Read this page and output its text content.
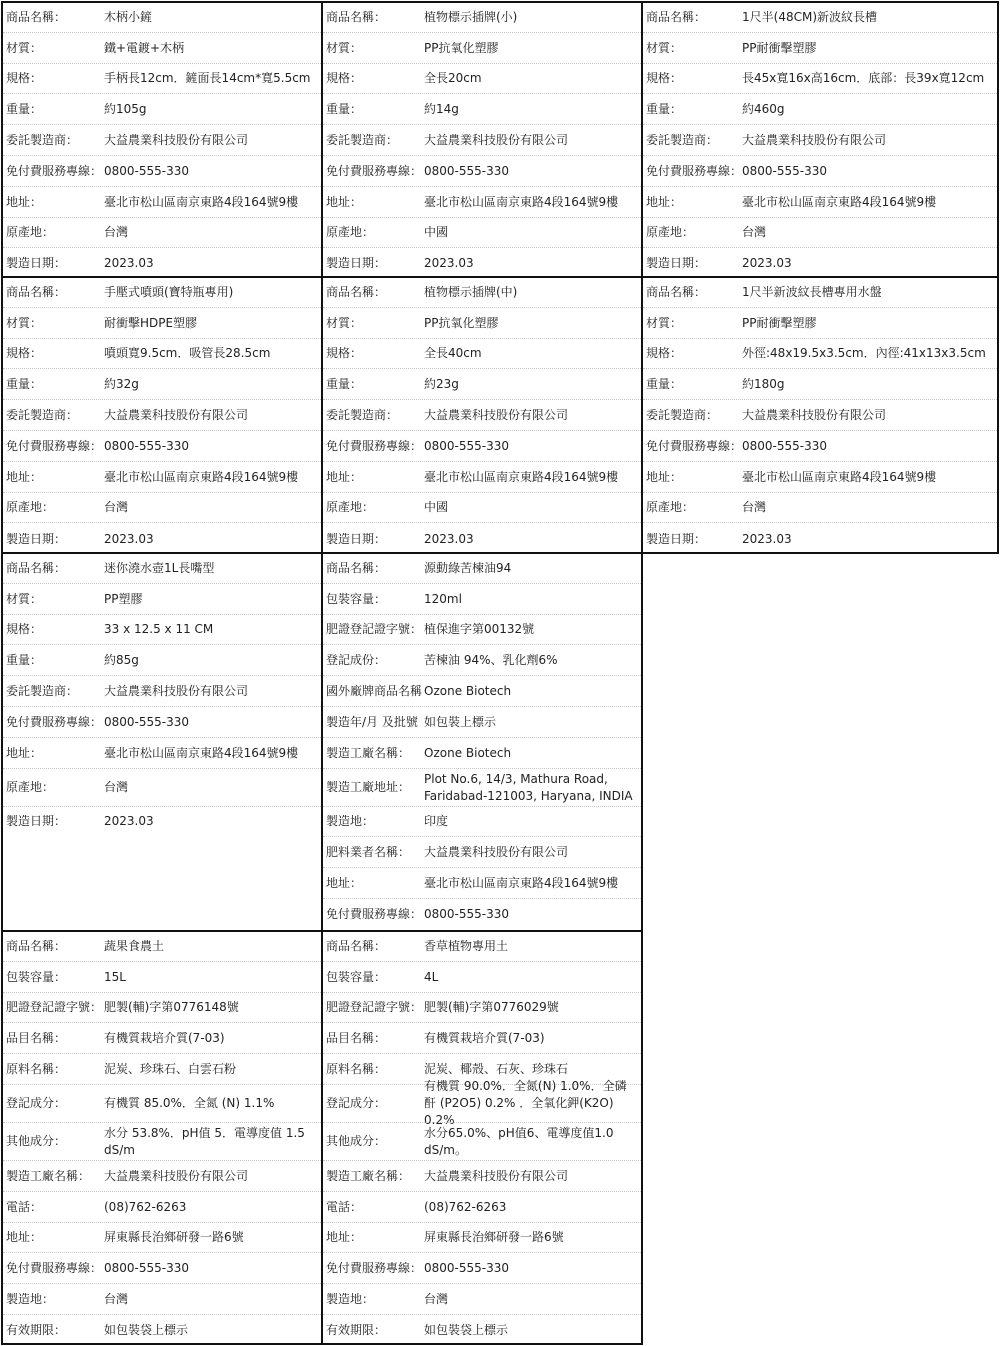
商品名稱：	木柄小鏟
材質：	鐵+電鍍+木柄
規格：	手柄長12cm．鏟面長14cm*寬5.5cm
重量：	約105g
委託製造商：	大益農業科技股份有限公司
免付費服務專線： 0800-555-330
地址：	臺北市松山區南京東路4段164號9樓
原產地：	台灣
製造日期：	2023.03
商品名稱：	植物標示插牌(小)
材質：	PP抗氧化塑膠
規格：	全長20cm
重量：	約14g
委託製造商：	大益農業科技股份有限公司
免付費服務專線： 0800-555-330
地址：	臺北市松山區南京東路4段164號9樓
原產地：	中國
製造日期：	2023.03
商品名稱：	1尺半(48CM)新波紋長槽
材質：	PP耐衝擊塑膠
規格：	長45x寬16x高16cm．底部：長39x寬12cm
重量：	約460g
委託製造商：	大益農業科技股份有限公司
免付費服務專線： 0800-555-330
地址：	臺北市松山區南京東路4段164號9樓
原產地：	台灣
製造日期：	2023.03
商品名稱：	手壓式噴頭(寶特瓶專用)
材質：	耐衝擊HDPE塑膠
規格：	噴頭寬9.5cm．吸管長28.5cm
重量：	約32g
委託製造商：	大益農業科技股份有限公司
免付費服務專線： 0800-555-330
地址：	臺北市松山區南京東路4段164號9樓
原產地：	台灣
製造日期：	2023.03
商品名稱：	植物標示插牌(中)
材質：	PP抗氧化塑膠
規格：	全長40cm
重量：	約23g
委託製造商：	大益農業科技股份有限公司
免付費服務專線： 0800-555-330
地址：	臺北市松山區南京東路4段164號9樓
原產地：	中國
製造日期：	2023.03
商品名稱：	1尺半新波紋長槽專用水盤
材質：	PP耐衝擊塑膠
規格：	外徑:48x19.5x3.5cm．內徑:41x13x3.5cm
重量：	約180g
委託製造商：	大益農業科技股份有限公司
免付費服務專線： 0800-555-330
地址：	臺北市松山區南京東路4段164號9樓
原產地：	台灣
製造日期：	2023.03
商品名稱：	迷你澆水壺1L長嘴型
材質：	PP塑膠
規格：	33 x 12.5 x 11 CM
重量：	約85g
委託製造商：	大益農業科技股份有限公司
免付費服務專線： 0800-555-330
地址：	臺北市松山區南京東路4段164號9樓
原產地：	台灣
製造日期：	2023.03
商品名稱：	源動綠苦楝油94
包裝容量：	120ml
肥證登記證字號： 植保進字第00132號
登記成份：	苦楝油 94%、乳化劑6%
國外廠牌商品名稱 Ozone Biotech
製造年/月 及批號 如包裝上標示
製造工廠名稱：	Ozone Biotech
製造工廠地址：
Plot No.6, 14/3, Mathura Road, Faridabad-121003, Haryana, INDIA
製造地：	印度
肥料業者名稱：	大益農業科技股份有限公司
地址：	臺北市松山區南京東路4段164號9樓
免付費服務專線： 0800-555-330
商品名稱：	蔬果食農土
包裝容量：	15L
肥證登記證字號： 肥製(輔)字第0776148號
品目名稱：	有機質栽培介質(7-03)
原料名稱：	泥炭、珍珠石、白雲石粉
登記成分：	有機質 85.0%．全氮 (N) 1.1%
其他成分：
水分 53.8%．pH值 5．電導度值 1.5 dS/m
製造工廠名稱：	大益農業科技股份有限公司
電話：	(08)762-6263
地址：	屏東縣長治鄉研發一路6號
免付費服務專線： 0800-555-330
製造地：	台灣
有效期限：	如包裝袋上標示
商品名稱：	香草植物專用土
包裝容量：	4L
肥證登記證字號： 肥製(輔)字第0776029號
品目名稱：	有機質栽培介質(7-03)
原料名稱：	泥炭、椰殼、石灰、珍珠石
登記成分：
有機質 90.0%．全氮(N) 1.0%．全磷酐 (P2O5) 0.2% ．全氧化鉀(K2O) 0.2%
其他成分：
水分65.0%、pH值6、電導度值1.0 dS/m。
製造工廠名稱：	大益農業科技股份有限公司
電話：	(08)762-6263
地址：	屏東縣長治鄉研發一路6號
免付費服務專線： 0800-555-330
製造地：	台灣
有效期限：	如包裝袋上標示
